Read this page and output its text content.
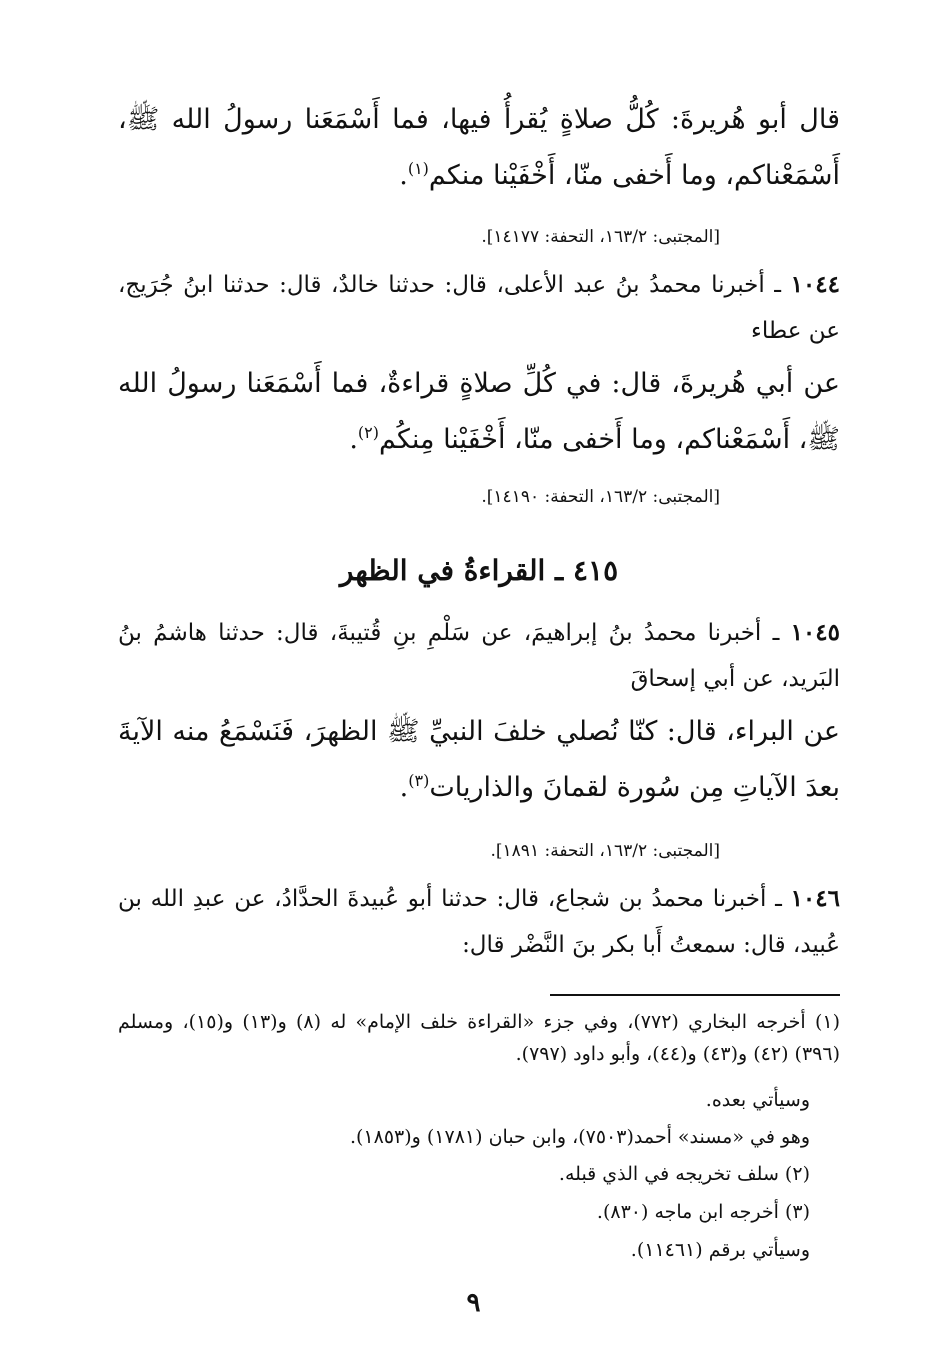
قال أبو هُريرةَ: كُلُّ صلاةٍ يُقرأُ فيها، فما أَسْمَعَنا رسولُ الله ﷺ، أَسْمَعْناكم، وما أَخفى منّا، أَخْفَيْنا منكم$^{(١)}$.
[المجتبى: ١٦٣/٢، التحفة: ١٤١٧٧].
١٠٤٤ ـ أخبرنا محمدُ بنُ عبد الأعلى، قال: حدثنا خالدٌ، قال: حدثنا ابنُ جُرَيج، عن عطاء
عن أبي هُريرةَ، قال: في كُلِّ صلاةٍ قراءةٌ، فما أَسْمَعَنا رسولُ الله ﷺ، أَسْمَعْناكم، وما أَخفى منّا، أَخْفَيْنا مِنكُم$^{(٢)}$.
[المجتبى: ١٦٣/٢، التحفة: ١٤١٩٠].
٤١٥ ـ القراءةُ في الظهر
١٠٤٥ ـ أخبرنا محمدُ بنُ إبراهيمَ، عن سَلْمِ بنِ قُتيبةَ، قال: حدثنا هاشمُ بنُ البَريد، عن أبي إسحاقَ
عن البراء، قال: كنّا نُصلي خلفَ النبيِّ ﷺ الظهرَ، فَنَسْمَعُ منه الآيةَ بعدَ الآياتِ مِن سُورة لقمانَ والذاريات$^{(٣)}$.
[المجتبى: ١٦٣/٢، التحفة: ١٨٩١].
١٠٤٦ ـ أخبرنا محمدُ بن شجاع، قال: حدثنا أبو عُبيدةَ الحدَّادُ، عن عبدِ الله بن عُبيد، قال: سمعتُ أَبا بكر بنَ النَّضْر قال:
(١) أخرجه البخاري (٧٧٢)، وفي جزء «القراءة خلف الإمام» له (٨) و(١٣) و(١٥)، ومسلم (٣٩٦) (٤٢) و(٤٣) و(٤٤)، وأبو داود (٧٩٧).
وسيأتي بعده.
وهو في «مسند» أحمد(٧٥٠٣)، وابن حبان (١٧٨١) و(١٨٥٣).
(٢) سلف تخريجه في الذي قبله.
(٣) أخرجه ابن ماجه (٨٣٠).
وسيأتي برقم (١١٤٦١).
٩
